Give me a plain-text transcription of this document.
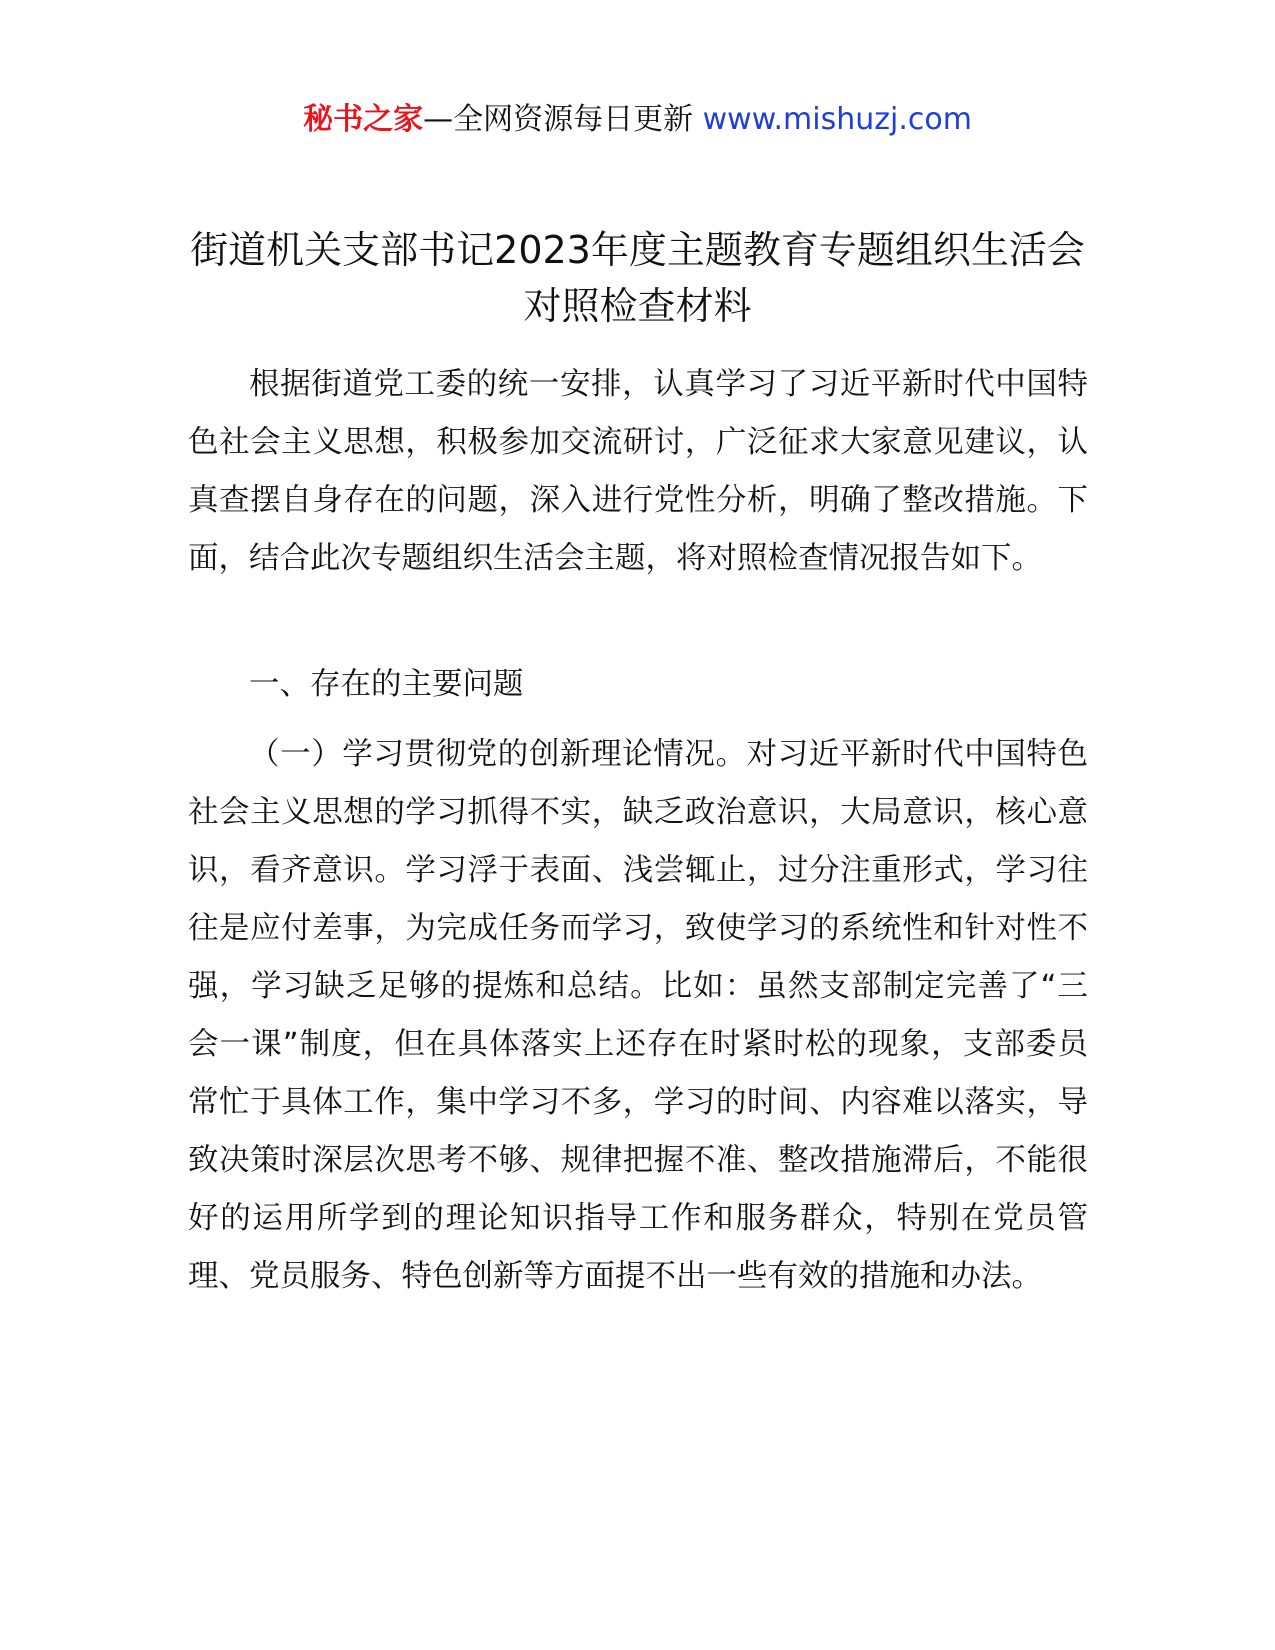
秘书之家—全网资源每日更新 www.mishuzj.com
街道机关支部书记2023年度主题教育专题组织生活会对照检查材料

根据街道党工委的统一安排，认真学习了习近平新时代中国特色社会主义思想，积极参加交流研讨，广泛征求大家意见建议，认真查摆自身存在的问题，深入进行党性分析，明确了整改措施。下面，结合此次专题组织生活会主题，将对照检查情况报告如下。

一、存在的主要问题

（一）学习贯彻党的创新理论情况。对习近平新时代中国特色社会主义思想的学习抓得不实，缺乏政治意识，大局意识，核心意识，看齐意识。学习浮于表面、浅尝辄止，过分注重形式，学习往往是应付差事，为完成任务而学习，致使学习的系统性和针对性不强，学习缺乏足够的提炼和总结。比如：虽然支部制定完善了“三会一课”制度，但在具体落实上还存在时紧时松的现象，支部委员常忙于具体工作，集中学习不多，学习的时间、内容难以落实，导致决策时深层次思考不够、规律把握不准、整改措施滞后，不能很好的运用所学到的理论知识指导工作和服务群众，特别在党员管理、党员服务、特色创新等方面提不出一些有效的措施和办法。
